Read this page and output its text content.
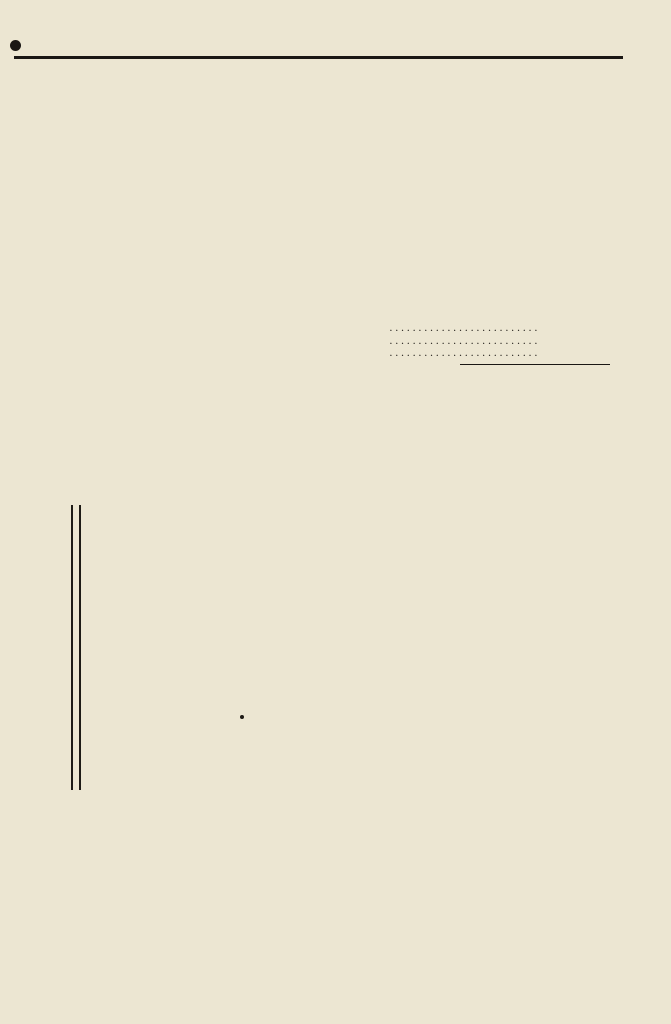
..........................
..........................
..........................
